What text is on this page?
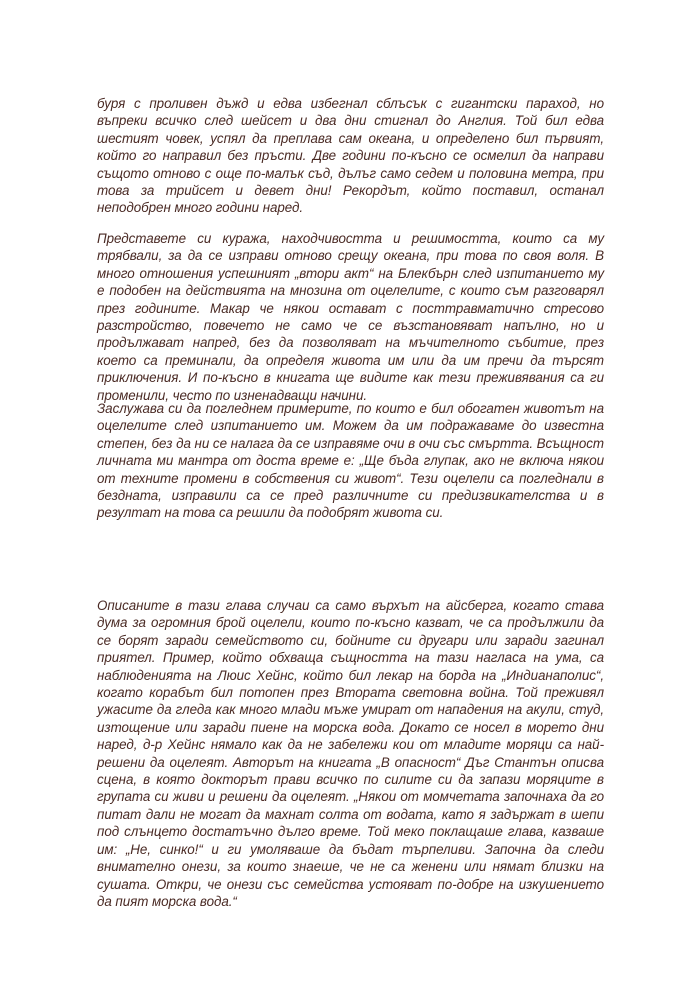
буря с проливен дъжд и едва избегнал сблъсък с гигантски параход, но
въпреки всичко след шейсет и два дни стигнал до Англия. Той бил едва
шестият човек, успял да преплава сам океана, и определено бил първият,
който го направил без пръсти. Две години по-късно се осмелил да направи
същото отново с още по-малък съд, дълъг само седем и половина метра, при
това за трийсет и девет дни! Рекордът, който поставил, останал
неподобрен много години наред.

Представете си куража, находчивостта и решимостта, които са му
трябвали, за да се изправи отново срещу океана, при това по своя воля. В
много отношения успешният „втори акт“ на Блекбърн след изпитанието му
е подобен на действията на мнозина от оцелелите, с които съм разговарял
през годините. Макар че някои остават с посттравматично стресово
разстройство, повечето не само че се възстановяват напълно, но и
продължават напред, без да позволяват на мъчителното събитие, през
което са преминали, да определя живота им или да им пречи да търсят
приключения. И по-късно в книгата ще видите как тези преживявания са ги
променили, често по изненадващи начини.

Заслужава си да погледнем примерите, по които е бил обогатен животът на
оцелелите след изпитанието им. Можем да им подражаваме до известна
степен, без да ни се налага да се изправяме очи в очи със смъртта. Всъщност
личната ми мантра от доста време е: „Ще бъда глупак, ако не включа някои
от техните промени в собствения си живот“. Тези оцелели са погледнали в
бездната, изправили са се пред различните си предизвикателства и в
резултат на това са решили да подобрят живота си.

Описаните в тази глава случаи са само върхът на айсберга, когато става
дума за огромния брой оцелели, които по-късно казват, че са продължили да
се борят заради семейството си, бойните си другари или заради загинал
приятел. Пример, който обхваща същността на тази нагласа на ума, са
наблюденията на Люис Хейнс, който бил лекар на борда на „Индианаполис“,
когато корабът бил потопен през Втората световна война. Той преживял
ужасите да гледа как много млади мъже умират от нападения на акули, студ,
изтощение или заради пиене на морска вода. Докато се носел в морето дни
наред, д-р Хейнс нямало как да не забележи кои от младите моряци са най-
решени да оцелеят. Авторът на книгата „В опасност“ Дъг Стантън описва
сцена, в която докторът прави всичко по силите си да запази моряците в
групата си живи и решени да оцелеят. „Някои от момчетата започнаха да го
питат дали не могат да махнат солта от водата, като я задържат в шепи
под слънцето достатъчно дълго време. Той меко поклащаше глава, казваше
им: „Не, синко!“ и ги умоляваше да бъдат търпеливи. Започна да следи
внимателно онези, за които знаеше, че не са женени или нямат близки на
сушата. Откри, че онези със семейства устояват по-добре на изкушението
да пият морска вода.“
